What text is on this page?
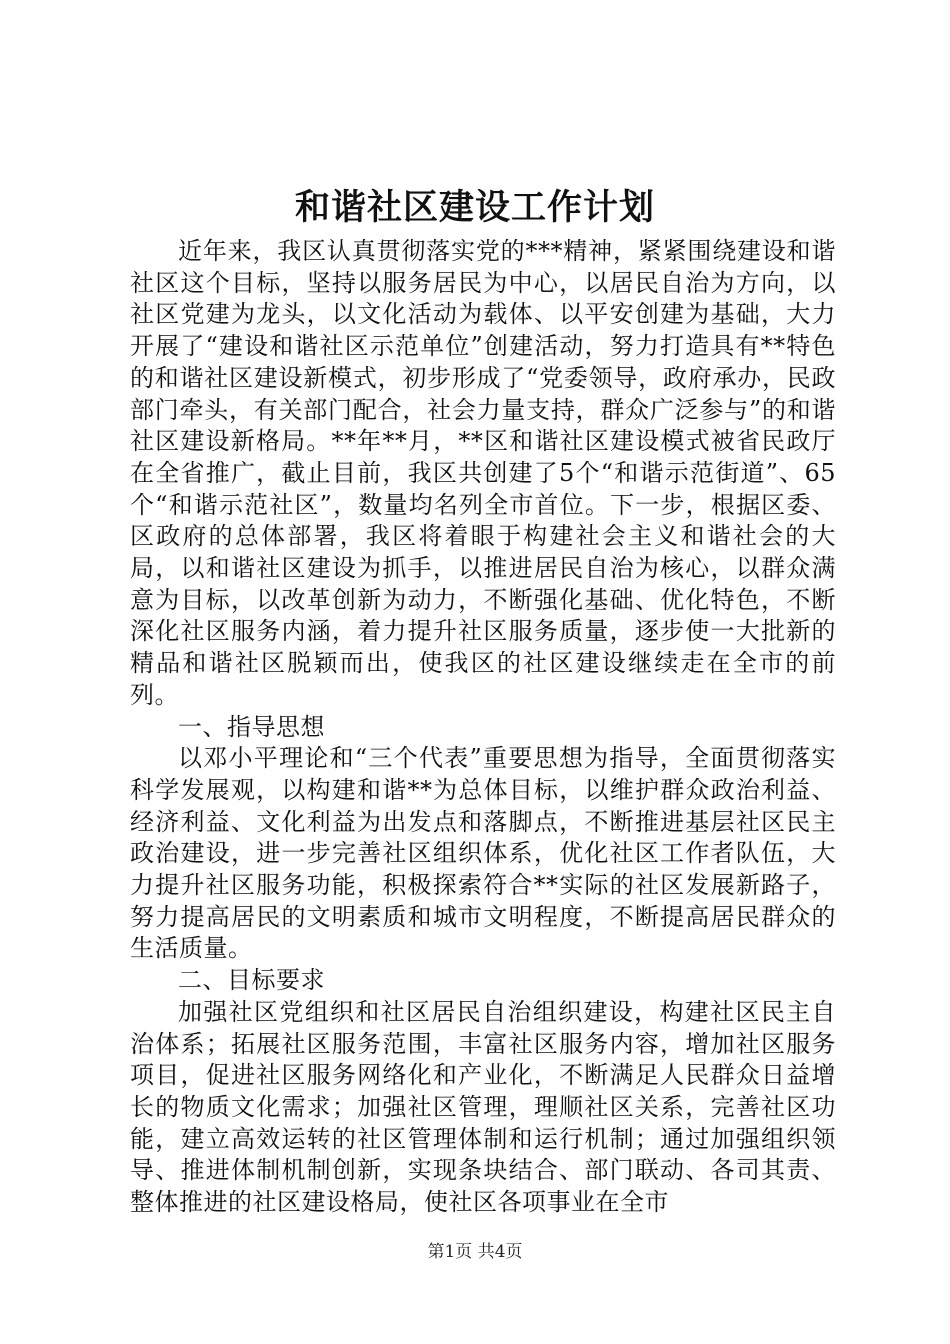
和谐社区建设工作计划

近年来，我区认真贯彻落实党的***精神，紧紧围绕建设和谐社区这个目标，坚持以服务居民为中心，以居民自治为方向，以社区党建为龙头，以文化活动为载体、以平安创建为基础，大力开展了“建设和谐社区示范单位”创建活动，努力打造具有**特色的和谐社区建设新模式，初步形成了“党委领导，政府承办，民政部门牵头，有关部门配合，社会力量支持，群众广泛参与”的和谐社区建设新格局。**年**月，**区和谐社区建设模式被省民政厅在全省推广，截止目前，我区共创建了5个“和谐示范街道”、65个“和谐示范社区”，数量均名列全市首位。下一步，根据区委、区政府的总体部署，我区将着眼于构建社会主义和谐社会的大局，以和谐社区建设为抓手，以推进居民自治为核心，以群众满意为目标，以改革创新为动力，不断强化基础、优化特色，不断深化社区服务内涵，着力提升社区服务质量，逐步使一大批新的精品和谐社区脱颖而出，使我区的社区建设继续走在全市的前列。

一、指导思想

以邓小平理论和“三个代表”重要思想为指导，全面贯彻落实科学发展观，以构建和谐**为总体目标，以维护群众政治利益、经济利益、文化利益为出发点和落脚点，不断推进基层社区民主政治建设，进一步完善社区组织体系，优化社区工作者队伍，大力提升社区服务功能，积极探索符合**实际的社区发展新路子，努力提高居民的文明素质和城市文明程度，不断提高居民群众的生活质量。

二、目标要求

加强社区党组织和社区居民自治组织建设，构建社区民主自治体系；拓展社区服务范围，丰富社区服务内容，增加社区服务项目，促进社区服务网络化和产业化，不断满足人民群众日益增长的物质文化需求；加强社区管理，理顺社区关系，完善社区功能，建立高效运转的社区管理体制和运行机制；通过加强组织领导、推进体制机制创新，实现条块结合、部门联动、各司其责、整体推进的社区建设格局，使社区各项事业在全市

第1页 共4页
